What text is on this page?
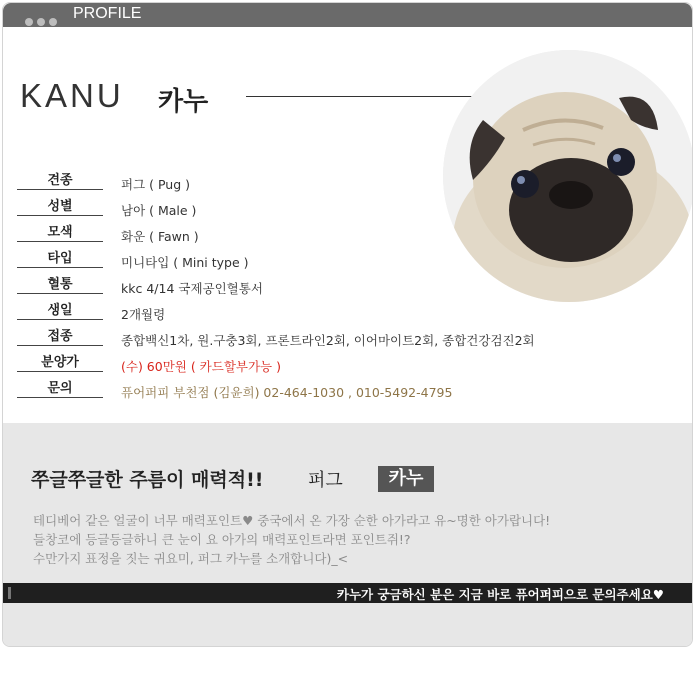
PROFILE
KANU 카누
견종	퍼그 ( Pug )
성별	남아 ( Male )
모색	화운 ( Fawn )
타입	미니타입 ( Mini type )
혈통	kkc 4/14 국제공인혈통서
생일	2개월령
접종	종합백신1차, 원.구충3회, 프론트라인2회, 이어마이트2회, 종합건강검진2회
분양가	(수) 60만원 ( 카드할부가능 )
문의	퓨어퍼피 부천점 (김윤희) 02-464-1030 , 010-5492-4795
쭈글쭈글한 주름이 매력적!! 퍼그	카누
테디베어 같은 얼굴이 너무 매력포인트♥ 중국에서 온 가장 순한 아가라고 유~명한 아가랍니다!
들창코에 등글등글하니 큰 눈이 요 아가의 매력포인트라면 포인트쥐!?
수만가지 표정을 짓는 귀요미, 퍼그 카누를 소개합니다)_<
카누가 궁금하신 분은 지금 바로 퓨어퍼피으로 문의주세요♥
